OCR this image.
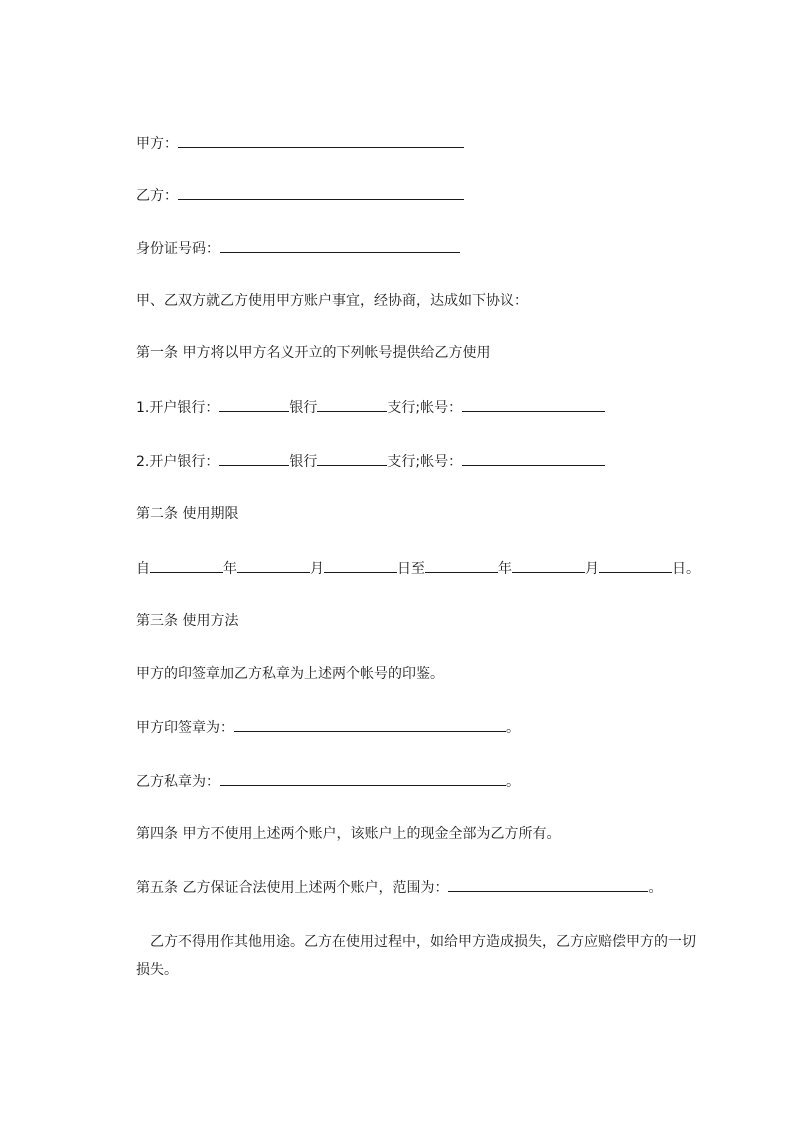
甲方：
乙方：
身份证号码：
甲、乙双方就乙方使用甲方账户事宜，经协商，达成如下协议：
第一条 甲方将以甲方名义开立的下列帐号提供给乙方使用
1.开户银行：	银行	支行;帐号：
2.开户银行：	银行	支行;帐号：
第二条 使用期限
自	年	月	日至	年	月	日。
第三条 使用方法
甲方的印签章加乙方私章为上述两个帐号的印鉴。
甲方印签章为：	。
乙方私章为：	。
第四条 甲方不使用上述两个账户，该账户上的现金全部为乙方所有。
第五条 乙方保证合法使用上述两个账户，范围为：	。
乙方不得用作其他用途。乙方在使用过程中，如给甲方造成损失，乙方应赔偿甲方的一切损失。
